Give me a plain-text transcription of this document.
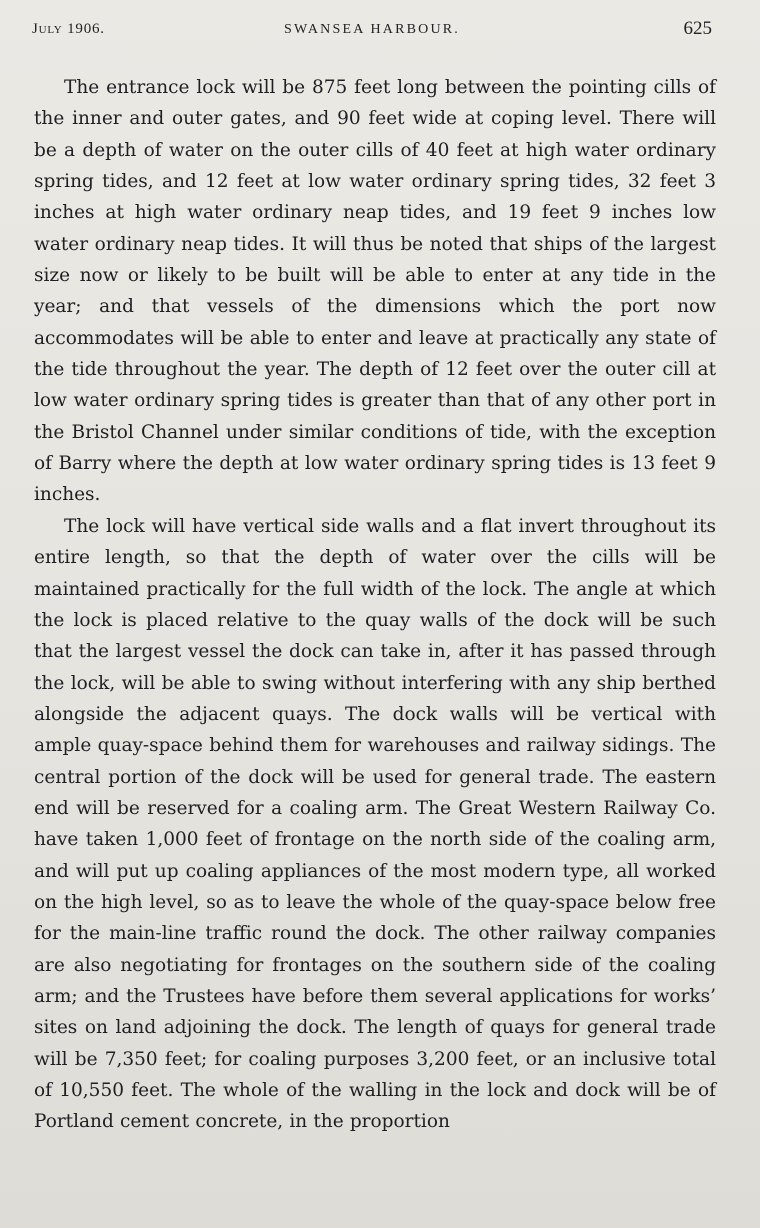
July 1906.	SWANSEA HARBOUR.	625

The entrance lock will be 875 feet long between the pointing cills of the inner and outer gates, and 90 feet wide at coping level. There will be a depth of water on the outer cills of 40 feet at high water ordinary spring tides, and 12 feet at low water ordinary spring tides, 32 feet 3 inches at high water ordinary neap tides, and 19 feet 9 inches low water ordinary neap tides. It will thus be noted that ships of the largest size now or likely to be built will be able to enter at any tide in the year; and that vessels of the dimensions which the port now accommodates will be able to enter and leave at practically any state of the tide throughout the year. The depth of 12 feet over the outer cill at low water ordinary spring tides is greater than that of any other port in the Bristol Channel under similar conditions of tide, with the exception of Barry where the depth at low water ordinary spring tides is 13 feet 9 inches.

The lock will have vertical side walls and a flat invert throughout its entire length, so that the depth of water over the cills will be maintained practically for the full width of the lock. The angle at which the lock is placed relative to the quay walls of the dock will be such that the largest vessel the dock can take in, after it has passed through the lock, will be able to swing without interfering with any ship berthed alongside the adjacent quays. The dock walls will be vertical with ample quay-space behind them for warehouses and railway sidings. The central portion of the dock will be used for general trade. The eastern end will be reserved for a coaling arm. The Great Western Railway Co. have taken 1,000 feet of frontage on the north side of the coaling arm, and will put up coaling appliances of the most modern type, all worked on the high level, so as to leave the whole of the quay-space below free for the main-line traffic round the dock. The other railway companies are also negotiating for frontages on the southern side of the coaling arm; and the Trustees have before them several applications for works’ sites on land adjoining the dock. The length of quays for general trade will be 7,350 feet; for coaling purposes 3,200 feet, or an inclusive total of 10,550 feet. The whole of the walling in the lock and dock will be of Portland cement concrete, in the proportion
